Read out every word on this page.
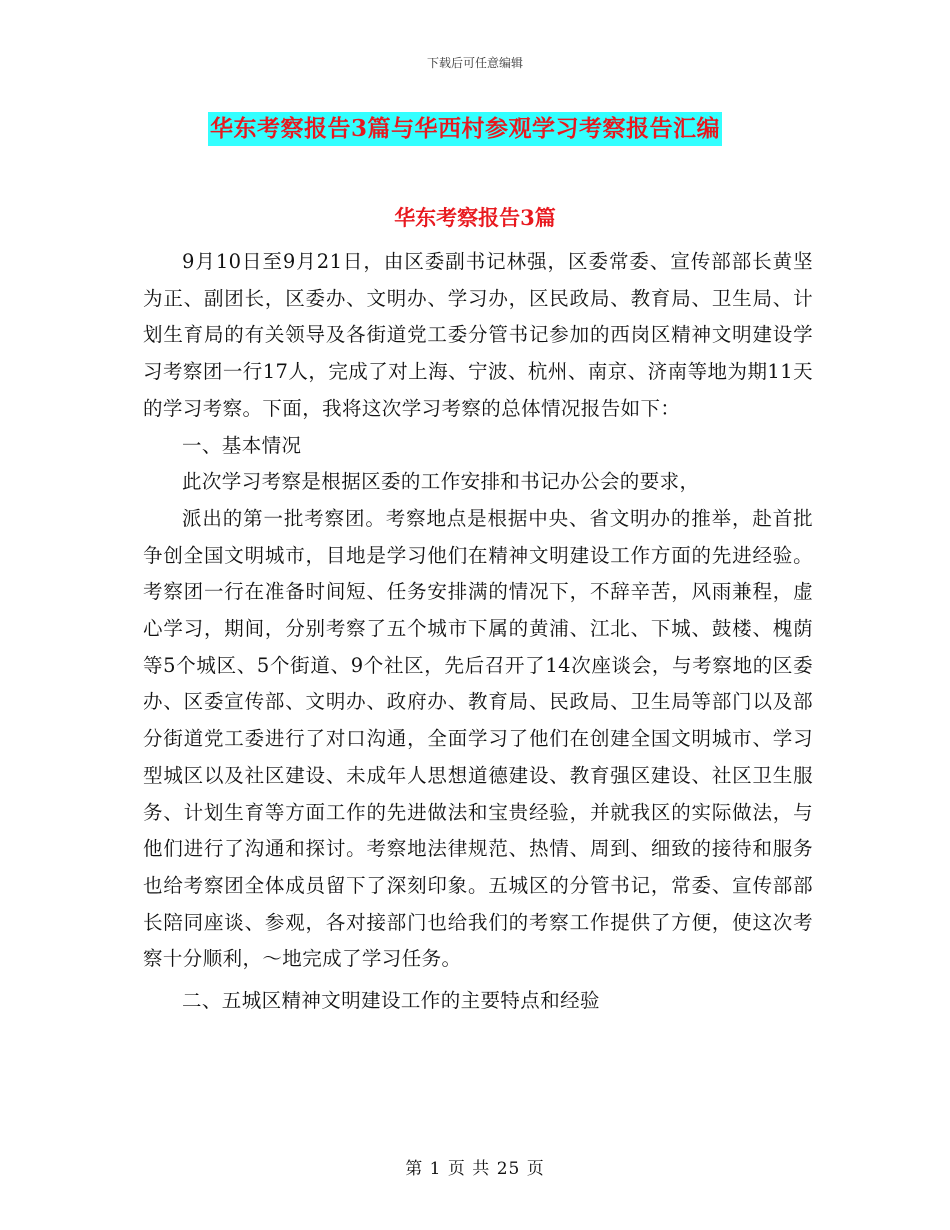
下载后可任意编辑
华东考察报告3篇与华西村参观学习考察报告汇编
华东考察报告3篇

9月10日至9月21日，由区委副书记林强，区委常委、宣传部部长黄坚为正、副团长，区委办、文明办、学习办，区民政局、教育局、卫生局、计划生育局的有关领导及各街道党工委分管书记参加的西岗区精神文明建设学习考察团一行17人，完成了对上海、宁波、杭州、南京、济南等地为期11天的学习考察。下面，我将这次学习考察的总体情况报告如下：

一、基本情况

此次学习考察是根据区委的工作安排和书记办公会的要求，

派出的第一批考察团。考察地点是根据中央、省文明办的推举，赴首批争创全国文明城市，目地是学习他们在精神文明建设工作方面的先进经验。考察团一行在准备时间短、任务安排满的情况下，不辞辛苦，风雨兼程，虚心学习，期间，分别考察了五个城市下属的黄浦、江北、下城、鼓楼、槐荫等5个城区、5个街道、9个社区，先后召开了14次座谈会，与考察地的区委办、区委宣传部、文明办、政府办、教育局、民政局、卫生局等部门以及部分街道党工委进行了对口沟通，全面学习了他们在创建全国文明城市、学习型城区以及社区建设、未成年人思想道德建设、教育强区建设、社区卫生服务、计划生育等方面工作的先进做法和宝贵经验，并就我区的实际做法，与他们进行了沟通和探讨。考察地法律规范、热情、周到、细致的接待和服务也给考察团全体成员留下了深刻印象。五城区的分管书记，常委、宣传部部长陪同座谈、参观，各对接部门也给我们的考察工作提供了方便，使这次考察十分顺利，～地完成了学习任务。

二、五城区精神文明建设工作的主要特点和经验

第 1 页 共 25 页
